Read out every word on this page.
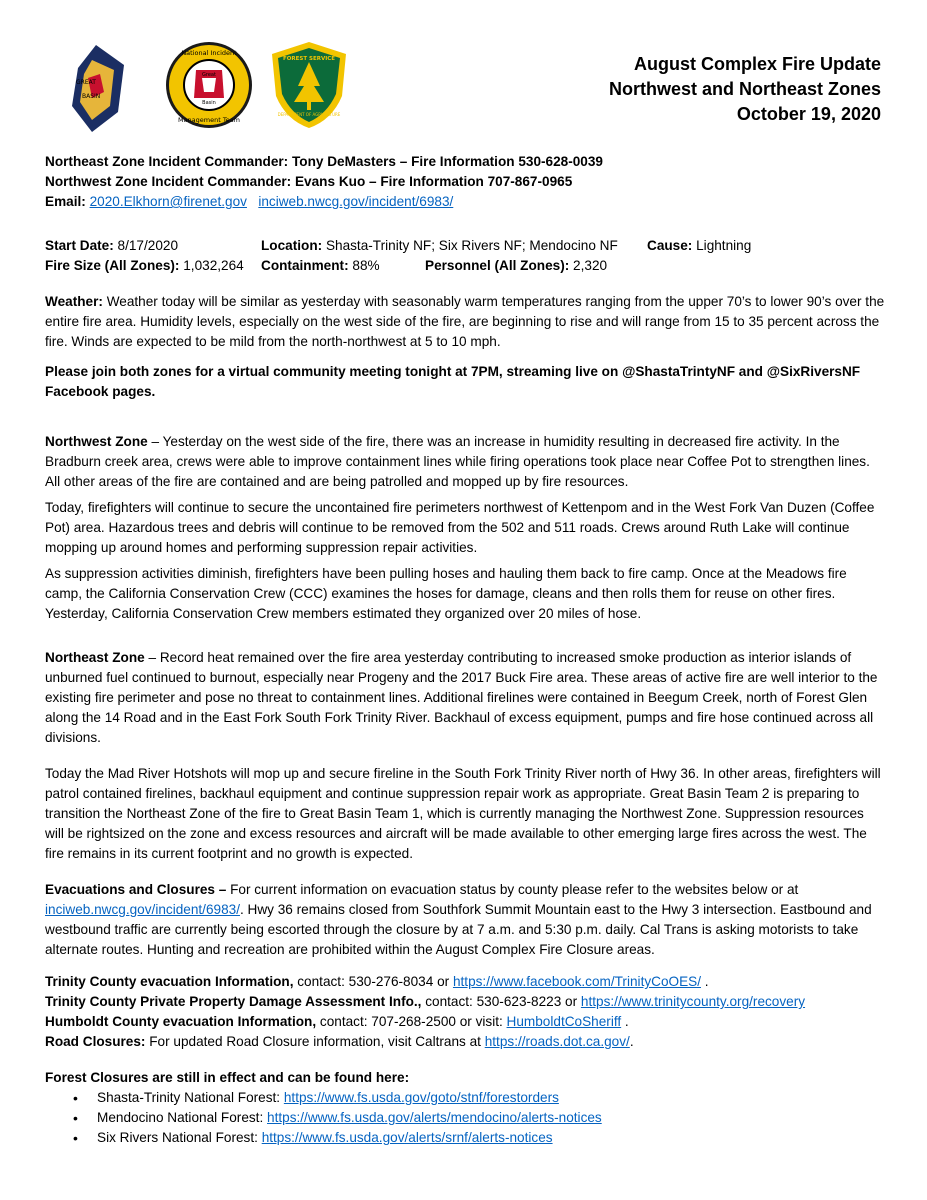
GREAT
BASIN
National Incident
Management Team
Great
Basin
FOREST SERVICE
DEPARTMENT OF AGRICULTURE
August Complex Fire Update
Northwest and Northeast Zones
October 19, 2020

Northeast Zone Incident Commander: Tony DeMasters – Fire Information 530-628-0039

Northwest Zone Incident Commander: Evans Kuo – Fire Information 707-867-0965

Email: 2020.Elkhorn@firenet.gov inciweb.nwcg.gov/incident/6983/

Start Date: 8/17/2020	Location: Shasta-Trinity NF; Six Rivers NF; Mendocino NF	Cause: Lightning
Fire Size (All Zones): 1,032,264	Containment: 88%	Personnel (All Zones): 2,320

Weather: Weather today will be similar as yesterday with seasonably warm temperatures ranging from the upper 70’s to lower 90’s over the entire fire area. Humidity levels, especially on the west side of the fire, are beginning to rise and will range from 15 to 35 percent across the fire. Winds are expected to be mild from the north-northwest at 5 to 10 mph.

Please join both zones for a virtual community meeting tonight at 7PM, streaming live on @ShastaTrintyNF and @SixRiversNF Facebook pages.

Northwest Zone – Yesterday on the west side of the fire, there was an increase in humidity resulting in decreased fire activity. In the Bradburn creek area, crews were able to improve containment lines while firing operations took place near Coffee Pot to strengthen lines. All other areas of the fire are contained and are being patrolled and mopped up by fire resources.

Today, firefighters will continue to secure the uncontained fire perimeters northwest of Kettenpom and in the West Fork Van Duzen (Coffee Pot) area. Hazardous trees and debris will continue to be removed from the 502 and 511 roads. Crews around Ruth Lake will continue mopping up around homes and performing suppression repair activities.

As suppression activities diminish, firefighters have been pulling hoses and hauling them back to fire camp. Once at the Meadows fire camp, the California Conservation Crew (CCC) examines the hoses for damage, cleans and then rolls them for reuse on other fires. Yesterday, California Conservation Crew members estimated they organized over 20 miles of hose.

Northeast Zone – Record heat remained over the fire area yesterday contributing to increased smoke production as interior islands of unburned fuel continued to burnout, especially near Progeny and the 2017 Buck Fire area. These areas of active fire are well interior to the existing fire perimeter and pose no threat to containment lines. Additional firelines were contained in Beegum Creek, north of Forest Glen along the 14 Road and in the East Fork South Fork Trinity River. Backhaul of excess equipment, pumps and fire hose continued across all divisions.

Today the Mad River Hotshots will mop up and secure fireline in the South Fork Trinity River north of Hwy 36. In other areas, firefighters will patrol contained firelines, backhaul equipment and continue suppression repair work as appropriate. Great Basin Team 2 is preparing to transition the Northeast Zone of the fire to Great Basin Team 1, which is currently managing the Northwest Zone. Suppression resources will be rightsized on the zone and excess resources and aircraft will be made available to other emerging large fires across the west. The fire remains in its current footprint and no growth is expected.

Evacuations and Closures – For current information on evacuation status by county please refer to the websites below or at inciweb.nwcg.gov/incident/6983/. Hwy 36 remains closed from Southfork Summit Mountain east to the Hwy 3 intersection. Eastbound and westbound traffic are currently being escorted through the closure by at 7 a.m. and 5:30 p.m. daily. Cal Trans is asking motorists to take alternate routes. Hunting and recreation are prohibited within the August Complex Fire Closure areas.

Trinity County evacuation Information, contact: 530-276-8034 or https://www.facebook.com/TrinityCoOES/ .

Trinity County Private Property Damage Assessment Info., contact: 530-623-8223 or https://www.trinitycounty.org/recovery

Humboldt County evacuation Information, contact: 707-268-2500 or visit: HumboldtCoSheriff .

Road Closures: For updated Road Closure information, visit Caltrans at https://roads.dot.ca.gov/.

Forest Closures are still in effect and can be found here:

• Shasta-Trinity National Forest: https://www.fs.usda.gov/goto/stnf/forestorders
• Mendocino National Forest: https://www.fs.usda.gov/alerts/mendocino/alerts-notices
• Six Rivers National Forest: https://www.fs.usda.gov/alerts/srnf/alerts-notices
